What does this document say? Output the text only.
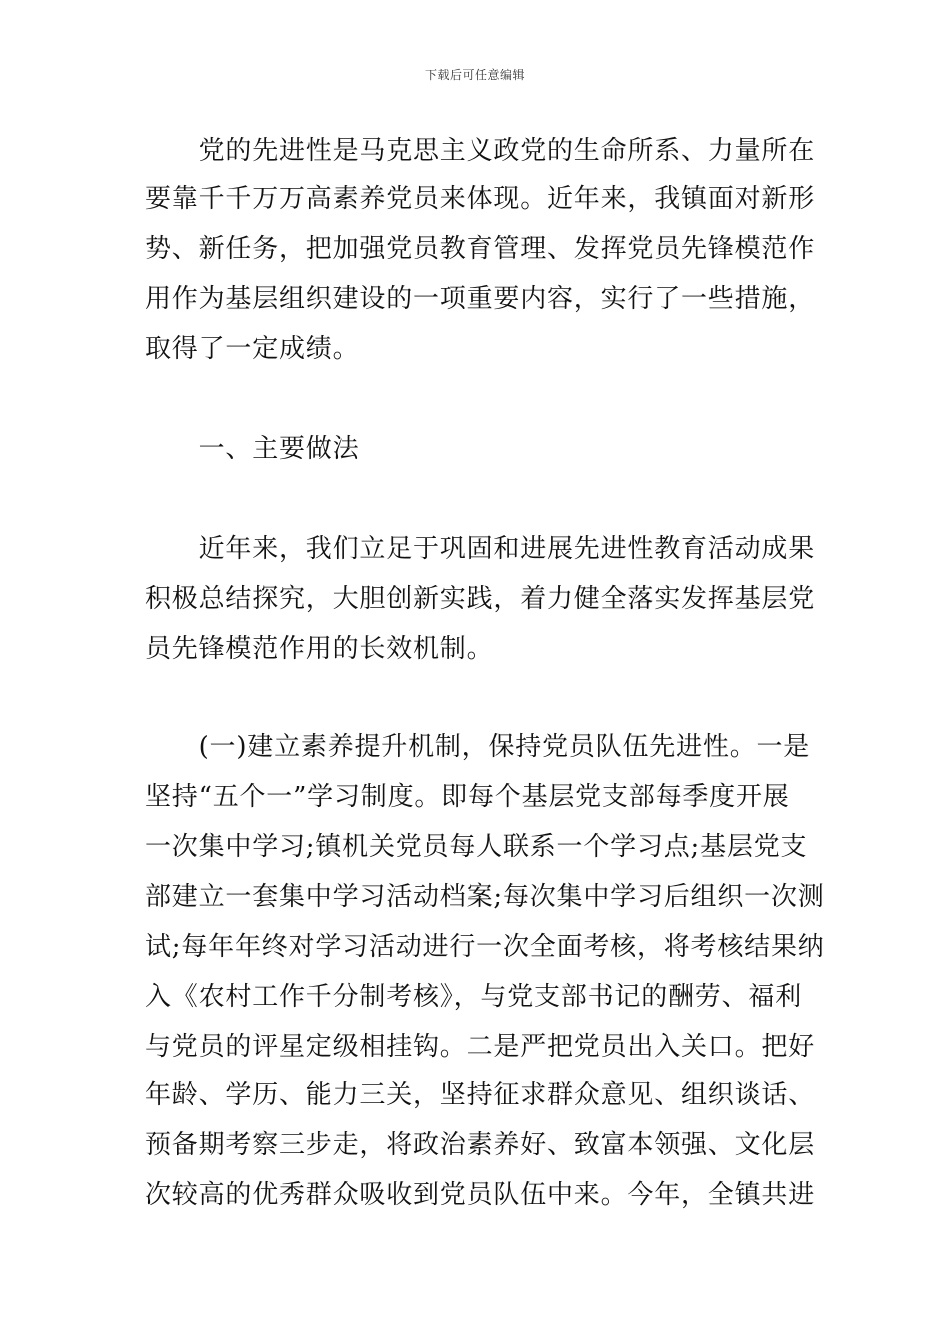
下载后可任意编辑
　　党的先进性是马克思主义政党的生命所系、力量所在
要靠千千万万高素养党员来体现。近年来，我镇面对新形
势、新任务，把加强党员教育管理、发挥党员先锋模范作
用作为基层组织建设的一项重要内容，实行了一些措施，
取得了一定成绩。
　　一、主要做法
　　近年来，我们立足于巩固和进展先进性教育活动成果
积极总结探究，大胆创新实践，着力健全落实发挥基层党
员先锋模范作用的长效机制。
　　(一)建立素养提升机制，保持党员队伍先进性。一是
坚持“五个一”学习制度。即每个基层党支部每季度开展
一次集中学习;镇机关党员每人联系一个学习点;基层党支
部建立一套集中学习活动档案;每次集中学习后组织一次测
试;每年年终对学习活动进行一次全面考核，将考核结果纳
入《农村工作千分制考核》，与党支部书记的酬劳、福利
与党员的评星定级相挂钩。二是严把党员出入关口。把好
年龄、学历、能力三关，坚持征求群众意见、组织谈话、
预备期考察三步走，将政治素养好、致富本领强、文化层
次较高的优秀群众吸收到党员队伍中来。今年，全镇共进
